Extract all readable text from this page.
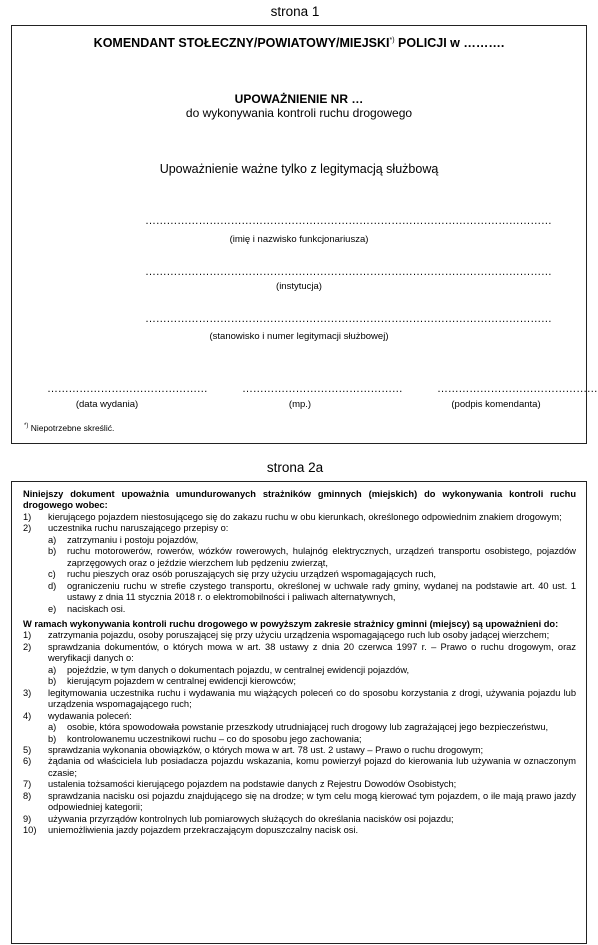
strona 1
KOMENDANT STOŁECZNY/POWIATOWY/MIEJSKI*) POLICJI w ……….
UPOWAŻNIENIE NR …
do wykonywania kontroli ruchu drogowego
Upoważnienie ważne tylko z legitymacją służbową
……………………………………………………………………………………………………
(imię i nazwisko funkcjonariusza)
……………………………………………………………………………………………………
(instytucja)
……………………………………………………………………………………………………
(stanowisko i numer legitymacji służbowej)
………………………………………
(data wydania)
………………………………………
(mp.)
………………………………………
(podpis komendanta)
*) Niepotrzebne skreślić.
strona 2a
Niniejszy dokument upoważnia umundurowanych strażników gminnych (miejskich) do wykonywania kontroli ruchu drogowego wobec:
1)	kierującego pojazdem niestosującego się do zakazu ruchu w obu kierunkach, określonego odpowiednim znakiem drogowym;
2)	uczestnika ruchu naruszającego przepisy o:
a)	zatrzymaniu i postoju pojazdów,
b)	ruchu motorowerów, rowerów, wózków rowerowych, hulajnóg elektrycznych, urządzeń transportu osobistego, pojazdów zaprzęgowych oraz o jeździe wierzchem lub pędzeniu zwierząt,
c)	ruchu pieszych oraz osób poruszających się przy użyciu urządzeń wspomagających ruch,
d)	ograniczeniu ruchu w strefie czystego transportu, określonej w uchwale rady gminy, wydanej na podstawie art. 40 ust. 1 ustawy z dnia 11 stycznia 2018 r. o elektromobilności i paliwach alternatywnych,
e)	naciskach osi.
W ramach wykonywania kontroli ruchu drogowego w powyższym zakresie strażnicy gminni (miejscy) są upoważnieni do:
1)	zatrzymania pojazdu, osoby poruszającej się przy użyciu urządzenia wspomagającego ruch lub osoby jadącej wierzchem;
2)	sprawdzania dokumentów, o których mowa w art. 38 ustawy z dnia 20 czerwca 1997 r. – Prawo o ruchu drogowym, oraz weryfikacji danych o:
a)	pojeździe, w tym danych o dokumentach pojazdu, w centralnej ewidencji pojazdów,
b)	kierującym pojazdem w centralnej ewidencji kierowców;
3)	legitymowania uczestnika ruchu i wydawania mu wiążących poleceń co do sposobu korzystania z drogi, używania pojazdu lub urządzenia wspomagającego ruch;
4)	wydawania poleceń:
a)	osobie, która spowodowała powstanie przeszkody utrudniającej ruch drogowy lub zagrażającej jego bezpieczeństwu,
b)	kontrolowanemu uczestnikowi ruchu – co do sposobu jego zachowania;
5)	sprawdzania wykonania obowiązków, o których mowa w art. 78 ust. 2 ustawy – Prawo o ruchu drogowym;
6)	żądania od właściciela lub posiadacza pojazdu wskazania, komu powierzył pojazd do kierowania lub używania w oznaczonym czasie;
7)	ustalenia tożsamości kierującego pojazdem na podstawie danych z Rejestru Dowodów Osobistych;
8)	sprawdzania nacisku osi pojazdu znajdującego się na drodze; w tym celu mogą kierować tym pojazdem, o ile mają prawo jazdy odpowiedniej kategorii;
9)	używania przyrządów kontrolnych lub pomiarowych służących do określania nacisków osi pojazdu;
10)	uniemożliwienia jazdy pojazdem przekraczającym dopuszczalny nacisk osi.
